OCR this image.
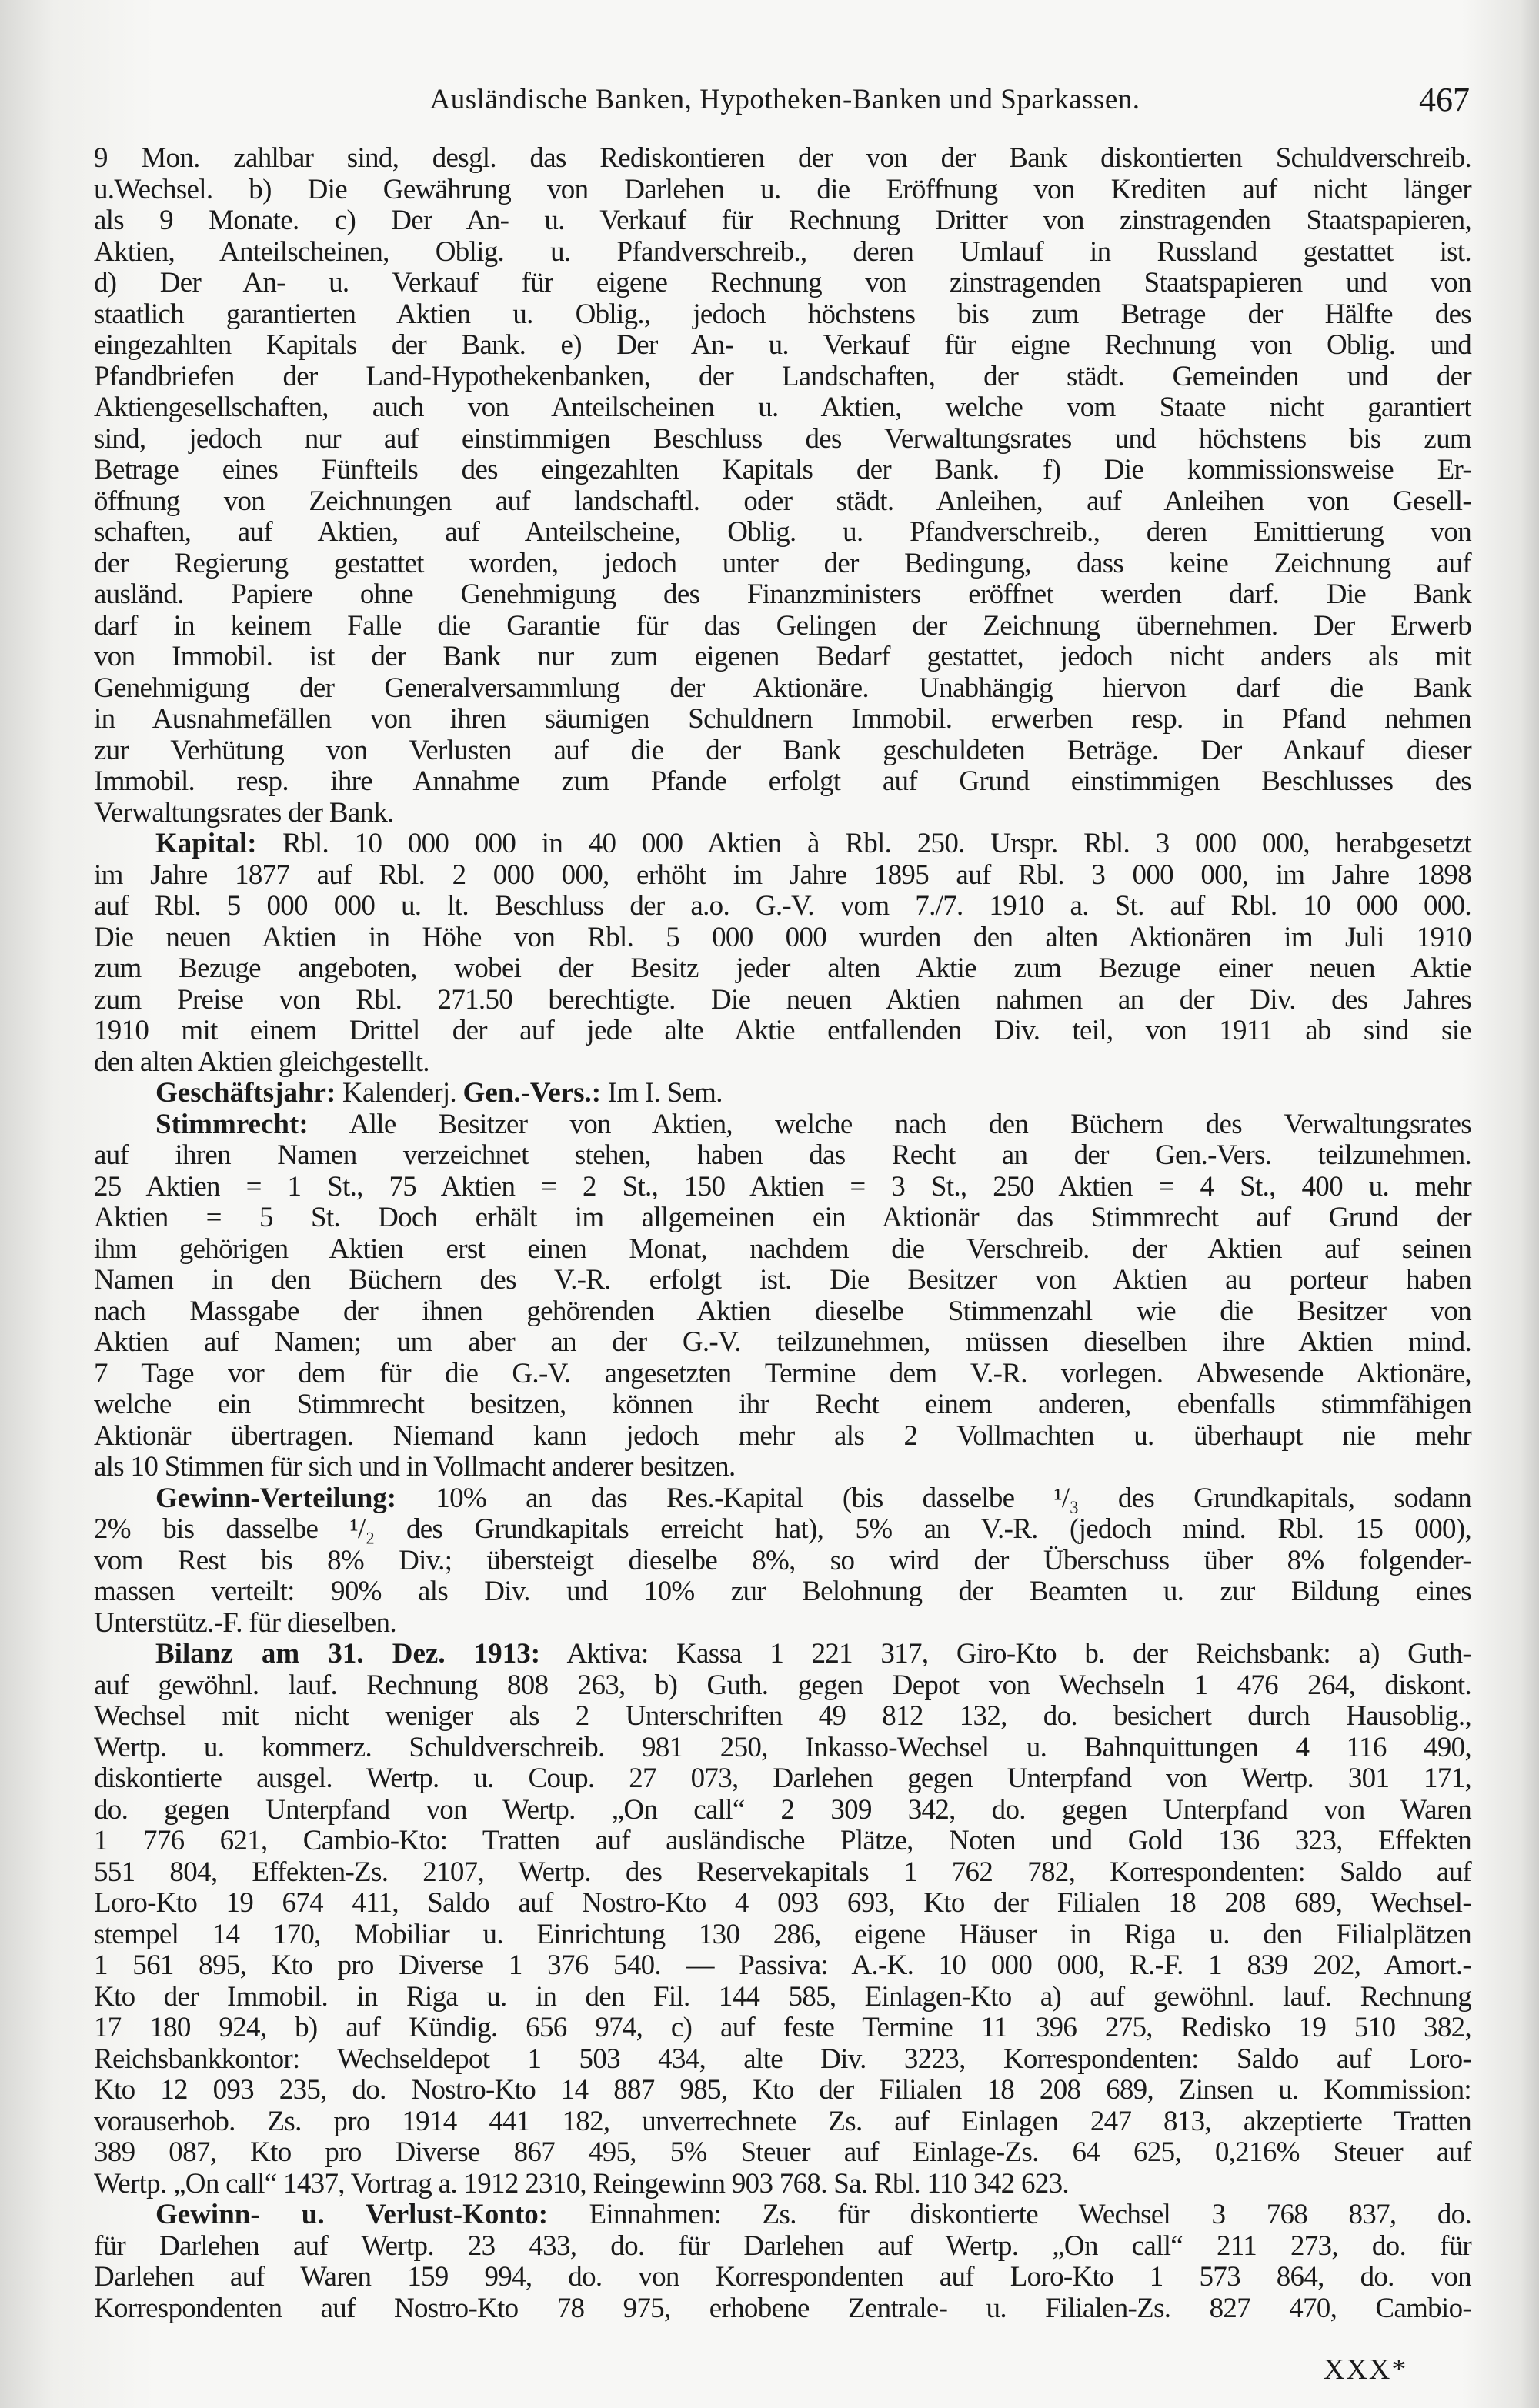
Ausländische Banken, Hypotheken-Banken und Sparkassen.	467
9 Mon. zahlbar sind, desgl. das Rediskontieren der von der Bank diskontierten Schuldverschreib.
u.Wechsel. b) Die Gewährung von Darlehen u. die Eröffnung von Krediten auf nicht länger
als 9 Monate. c) Der An- u. Verkauf für Rechnung Dritter von zinstragenden Staatspapieren,
Aktien, Anteilscheinen, Oblig. u. Pfandverschreib., deren Umlauf in Russland gestattet ist.
d) Der An- u. Verkauf für eigene Rechnung von zinstragenden Staatspapieren und von
staatlich garantierten Aktien u. Oblig., jedoch höchstens bis zum Betrage der Hälfte des
eingezahlten Kapitals der Bank. e) Der An- u. Verkauf für eigne Rechnung von Oblig. und
Pfandbriefen der Land-Hypothekenbanken, der Landschaften, der städt. Gemeinden und der
Aktiengesellschaften, auch von Anteilscheinen u. Aktien, welche vom Staate nicht garantiert
sind, jedoch nur auf einstimmigen Beschluss des Verwaltungsrates und höchstens bis zum
Betrage eines Fünfteils des eingezahlten Kapitals der Bank. f) Die kommissionsweise Er-
öffnung von Zeichnungen auf landschaftl. oder städt. Anleihen, auf Anleihen von Gesell-
schaften, auf Aktien, auf Anteilscheine, Oblig. u. Pfandverschreib., deren Emittierung von
der Regierung gestattet worden, jedoch unter der Bedingung, dass keine Zeichnung auf
ausländ. Papiere ohne Genehmigung des Finanzministers eröffnet werden darf. Die Bank
darf in keinem Falle die Garantie für das Gelingen der Zeichnung übernehmen. Der Erwerb
von Immobil. ist der Bank nur zum eigenen Bedarf gestattet, jedoch nicht anders als mit
Genehmigung der Generalversammlung der Aktionäre. Unabhängig hiervon darf die Bank
in Ausnahmefällen von ihren säumigen Schuldnern Immobil. erwerben resp. in Pfand nehmen
zur Verhütung von Verlusten auf die der Bank geschuldeten Beträge. Der Ankauf dieser
Immobil. resp. ihre Annahme zum Pfande erfolgt auf Grund einstimmigen Beschlusses des
Verwaltungsrates der Bank.
Kapital: Rbl. 10 000 000 in 40 000 Aktien à Rbl. 250. Urspr. Rbl. 3 000 000, herabgesetzt
im Jahre 1877 auf Rbl. 2 000 000, erhöht im Jahre 1895 auf Rbl. 3 000 000, im Jahre 1898
auf Rbl. 5 000 000 u. lt. Beschluss der a.o. G.-V. vom 7./7. 1910 a. St. auf Rbl. 10 000 000.
Die neuen Aktien in Höhe von Rbl. 5 000 000 wurden den alten Aktionären im Juli 1910
zum Bezuge angeboten, wobei der Besitz jeder alten Aktie zum Bezuge einer neuen Aktie
zum Preise von Rbl. 271.50 berechtigte. Die neuen Aktien nahmen an der Div. des Jahres
1910 mit einem Drittel der auf jede alte Aktie entfallenden Div. teil, von 1911 ab sind sie
den alten Aktien gleichgestellt.
Geschäftsjahr: Kalenderj. Gen.-Vers.: Im I. Sem.
Stimmrecht: Alle Besitzer von Aktien, welche nach den Büchern des Verwaltungsrates
auf ihren Namen verzeichnet stehen, haben das Recht an der Gen.-Vers. teilzunehmen.
25 Aktien = 1 St., 75 Aktien = 2 St., 150 Aktien = 3 St., 250 Aktien = 4 St., 400 u. mehr
Aktien = 5 St. Doch erhält im allgemeinen ein Aktionär das Stimmrecht auf Grund der
ihm gehörigen Aktien erst einen Monat, nachdem die Verschreib. der Aktien auf seinen
Namen in den Büchern des V.-R. erfolgt ist. Die Besitzer von Aktien au porteur haben
nach Massgabe der ihnen gehörenden Aktien dieselbe Stimmenzahl wie die Besitzer von
Aktien auf Namen; um aber an der G.-V. teilzunehmen, müssen dieselben ihre Aktien mind.
7 Tage vor dem für die G.-V. angesetzten Termine dem V.-R. vorlegen. Abwesende Aktionäre,
welche ein Stimmrecht besitzen, können ihr Recht einem anderen, ebenfalls stimmfähigen
Aktionär übertragen. Niemand kann jedoch mehr als 2 Vollmachten u. überhaupt nie mehr
als 10 Stimmen für sich und in Vollmacht anderer besitzen.
Gewinn-Verteilung: 10% an das Res.-Kapital (bis dasselbe ¹/₃ des Grundkapitals, sodann
2% bis dasselbe ¹/₂ des Grundkapitals erreicht hat), 5% an V.-R. (jedoch mind. Rbl. 15 000),
vom Rest bis 8% Div.; übersteigt dieselbe 8%, so wird der Überschuss über 8% folgender-
massen verteilt: 90% als Div. und 10% zur Belohnung der Beamten u. zur Bildung eines
Unterstütz.-F. für dieselben.
Bilanz am 31. Dez. 1913: Aktiva: Kassa 1 221 317, Giro-Kto b. der Reichsbank: a) Guth-
auf gewöhnl. lauf. Rechnung 808 263, b) Guth. gegen Depot von Wechseln 1 476 264, diskont.
Wechsel mit nicht weniger als 2 Unterschriften 49 812 132, do. besichert durch Hausoblig.,
Wertp. u. kommerz. Schuldverschreib. 981 250, Inkasso-Wechsel u. Bahnquittungen 4 116 490,
diskontierte ausgel. Wertp. u. Coup. 27 073, Darlehen gegen Unterpfand von Wertp. 301 171,
do. gegen Unterpfand von Wertp. „On call“ 2 309 342, do. gegen Unterpfand von Waren
1 776 621, Cambio-Kto: Tratten auf ausländische Plätze, Noten und Gold 136 323, Effekten
551 804, Effekten-Zs. 2107, Wertp. des Reservekapitals 1 762 782, Korrespondenten: Saldo auf
Loro-Kto 19 674 411, Saldo auf Nostro-Kto 4 093 693, Kto der Filialen 18 208 689, Wechsel-
stempel 14 170, Mobiliar u. Einrichtung 130 286, eigene Häuser in Riga u. den Filialplätzen
1 561 895, Kto pro Diverse 1 376 540. — Passiva: A.-K. 10 000 000, R.-F. 1 839 202, Amort.-
Kto der Immobil. in Riga u. in den Fil. 144 585, Einlagen-Kto a) auf gewöhnl. lauf. Rechnung
17 180 924, b) auf Kündig. 656 974, c) auf feste Termine 11 396 275, Redisko 19 510 382,
Reichsbankkontor: Wechseldepot 1 503 434, alte Div. 3223, Korrespondenten: Saldo auf Loro-
Kto 12 093 235, do. Nostro-Kto 14 887 985, Kto der Filialen 18 208 689, Zinsen u. Kommission:
vorauserhob. Zs. pro 1914 441 182, unverrechnete Zs. auf Einlagen 247 813, akzeptierte Tratten
389 087, Kto pro Diverse 867 495, 5% Steuer auf Einlage-Zs. 64 625, 0,216% Steuer auf
Wertp. „On call“ 1437, Vortrag a. 1912 2310, Reingewinn 903 768. Sa. Rbl. 110 342 623.
Gewinn- u. Verlust-Konto: Einnahmen: Zs. für diskontierte Wechsel 3 768 837, do.
für Darlehen auf Wertp. 23 433, do. für Darlehen auf Wertp. „On call“ 211 273, do. für
Darlehen auf Waren 159 994, do. von Korrespondenten auf Loro-Kto 1 573 864, do. von
Korrespondenten auf Nostro-Kto 78 975, erhobene Zentrale- u. Filialen-Zs. 827 470, Cambio-
XXX*
